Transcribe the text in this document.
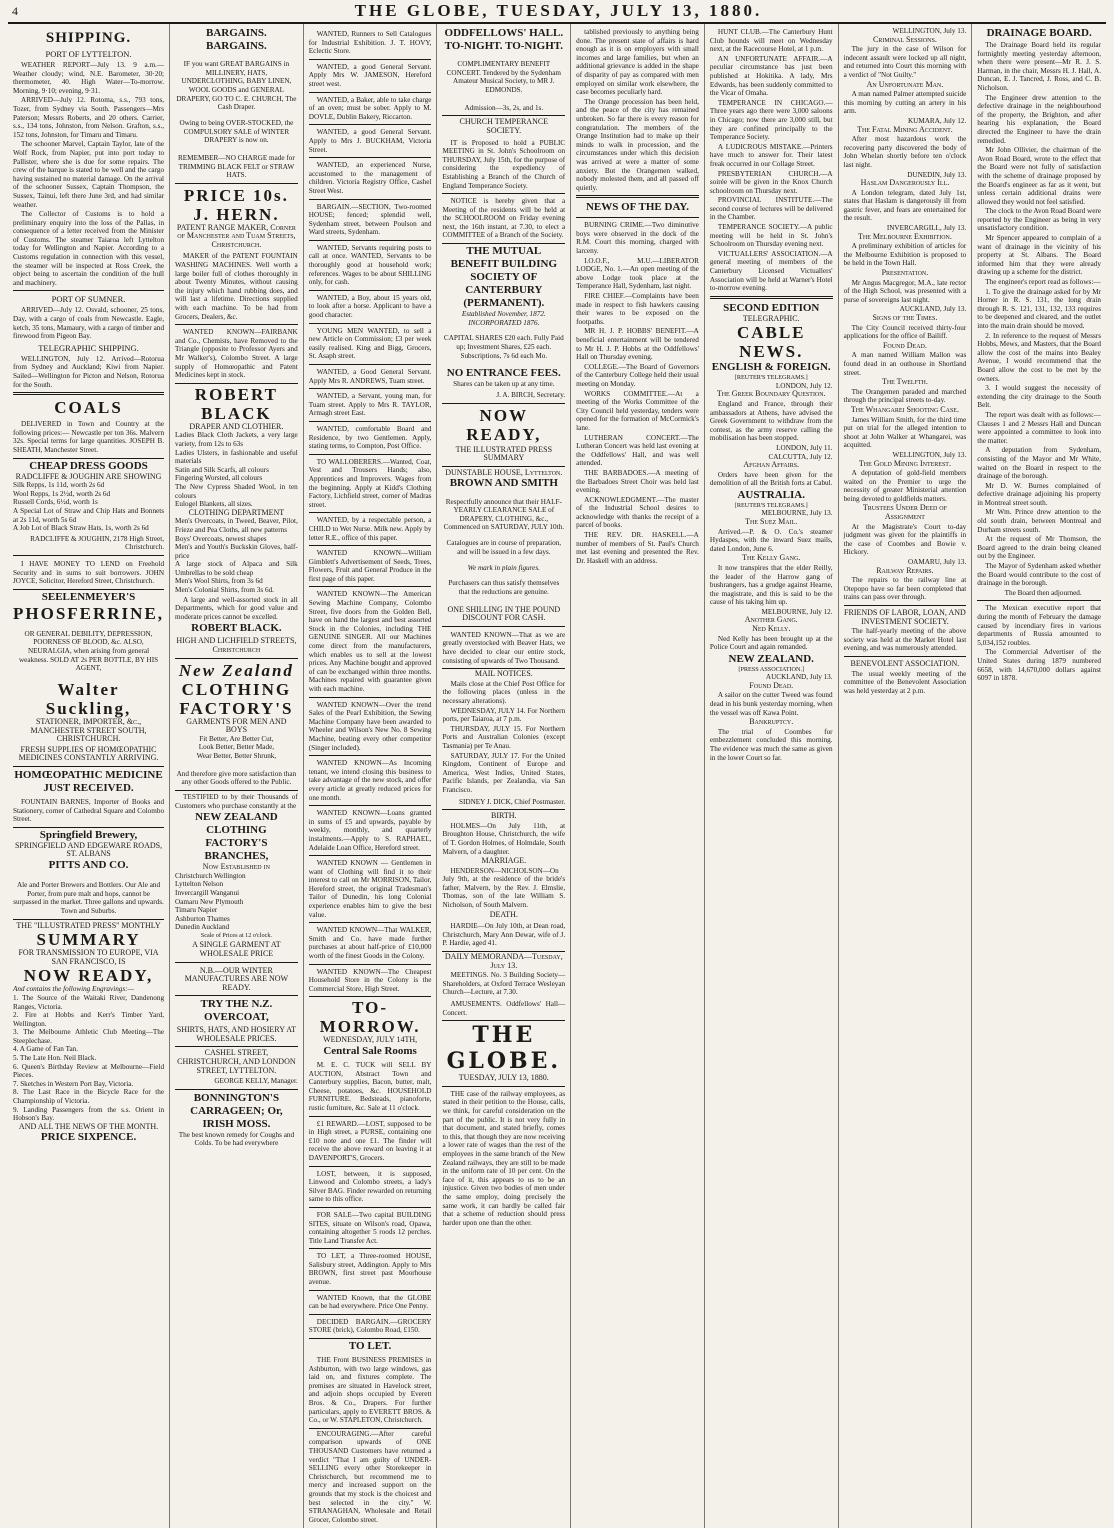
4	THE GLOBE, TUESDAY, JULY 13, 1880.

SHIPPING.
PORT OF LYTTELTON.

WEATHER REPORT—July 13. 9 a.m.—Weather cloudy; wind, N.E. Barometer, 30·20; thermometer, 40. High Water—To-morrow. Morning, 9·10; evening, 9·31.

ARRIVED—July 12. Rotoma, s.s., 793 tons, Tozer, from Sydney via South. Passengers—Mrs Paterson; Messrs Roberts, and 20 others. Carrier, s.s., 134 tons, Johnston, from Nelson. Grafton, s.s., 152 tons, Johnston, for Timaru and Timaru.

The schooner Marvel, Captain Taylor, late of the Wolf Rock, from Napier, put into port today to Pallister, where she is due for some repairs. The crew of the barque is stated to be well and the cargo having sustained no material damage. On the arrival of the schooner Sussex, Captain Thompson, the Sussex, Tainui, left there June 3rd, and had similar weather.

The Collector of Customs is to hold a preliminary enquiry into the loss of the Pallas, in consequence of a letter received from the Minister of Customs. The steamer Taiaroa left Lyttelton today for Wellington and Napier. According to a Customs regulation in connection with this vessel, the steamer will be inspected at Ross Creek, the object being to ascertain the condition of the hull and machinery.

PORT OF SUMNER.

ARRIVED—July 12. Osvald, schooner, 25 tons, Day, with a cargo of coals from Newcastle. Eagle, ketch, 35 tons, Mamaury, with a cargo of timber and firewood from Pigeon Bay.

TELEGRAPHIC SHIPPING.

WELLINGTON, July 12. Arrived—Rotorua from Sydney and Auckland; Kiwi from Napier. Sailed—Wellington for Picton and Nelson, Rotorua for the South.

COALS

DELIVERED in Town and Country at the following prices:— Newcastle per ton 36s. Malvern 32s. Special terms for large quantities. JOSEPH B. SHEATH, Manchester Street.

CHEAP DRESS GOODS
RADCLIFFE & JOUGHIN ARE SHOWING
Silk Repps, 1s 11d, worth 2s 6d
Wool Repps, 1s 2½d, worth 2s 6d
Russell Cords, 6½d, worth 1s
A Special Lot of Straw and Chip Hats and Bonnets at 2s 11d, worth 5s 6d
A Job Lot of Black Straw Hats, 1s, worth 2s 6d
RADCLIFFE & JOUGHIN, 2178 High Street, Christchurch.

I HAVE MONEY TO LEND on Freehold Security and in sums to suit borrowers. JOHN JOYCE, Solicitor, Hereford Street, Christchurch.

SEELENMEYER'S
PHOSFERRINE,

OR GENERAL DEBILITY, DEPRESSION, POORNESS OF BLOOD, &c. ALSO, NEURALGIA, when arising from general weakness. SOLD AT 2s PER BOTTLE, BY HIS AGENT,

Walter Suckling,
STATIONER, IMPORTER, &c., MANCHESTER STREET SOUTH, CHRISTCHURCH.
FRESH SUPPLIES OF HOMŒOPATHIC MEDICINES CONSTANTLY ARRIVING.
HOMŒOPATHIC MEDICINE JUST RECEIVED.

FOUNTAIN BARNES, Importer of Books and Stationery, corner of Cathedral Square and Colombo Street.

Springfield Brewery,
SPRINGFIELD AND EDGEWARE ROADS, ST. ALBANS
PITTS AND CO.

Ale and Porter Brewers and Bottlers. Our Ale and Porter, from pure malt and hops, cannot be surpassed in the market. Three gallons and upwards. Town and Suburbs.

THE "ILLUSTRATED PRESS" MONTHLY
SUMMARY
FOR TRANSMISSION TO EUROPE, VIA SAN FRANCISCO, IS
NOW READY,
And contains the following Engravings:—
1. The Source of the Waitaki River, Dandenong Ranges, Victoria.
2. Fire at Hobbs and Kerr's Timber Yard, Wellington.
3. The Melbourne Athletic Club Meeting—The Steeplechase.
4. A Game of Fan Tan.
5. The Late Hon. Neil Black.
6. Queen's Birthday Review at Melbourne—Field Pieces.
7. Sketches in Western Port Bay, Victoria.
8. The Last Race in the Bicycle Race for the Championship of Victoria.
9. Landing Passengers from the s.s. Orient in Hobson's Bay.
AND ALL THE NEWS OF THE MONTH.
PRICE SIXPENCE.
BARGAINS. BARGAINS.

IF you want GREAT BARGAINS in MILLINERY, HATS, UNDERCLOTHING, BABY LINEN, WOOL GOODS and GENERAL DRAPERY, GO TO C. E. CHURCH, The Cash Draper.

Owing to being OVER-STOCKED, the COMPULSORY SALE of WINTER DRAPERY is now on.

REMEMBER—NO CHARGE made for TRIMMING BLACK FELT or STRAW HATS.

PRICE 10s.
J. HERN.
PATENT RANGE MAKER, Corner of Manchester and Tuam Streets, Christchurch.

MAKER of the PATENT FOUNTAIN WASHING MACHINES. Well worth a large boiler full of clothes thoroughly in about Twenty Minutes, without causing the injury which hand rubbing does, and will last a lifetime. Directions supplied with each machine. To be had from Grocers, Dealers, &c.

WANTED KNOWN—FAIRBANK and Co., Chemists, have Removed to the Triangle (opposite to Professor Ayers and Mr Walker's), Colombo Street. A large supply of Homœopathic and Patent Medicines kept in stock.

ROBERT BLACK
DRAPER AND CLOTHIER.
Ladies Black Cloth Jackets, a very large variety, from 12s to 63s
Ladies Ulsters, in fashionable and useful materials
Satin and Silk Scarfs, all colours
Fingering Worsted, all colours
The New Cypress Shaded Wool, in ten colours
Eulogel Blankets, all sizes.
CLOTHING DEPARTMENT
Men's Overcoats, in Tweed, Beaver, Pilot, Frieze and Pea Cloths, all new patterns
Boys' Overcoats, newest shapes
Men's and Youth's Buckskin Gloves, half-price
A large stock of Alpaca and Silk Umbrellas to be sold cheap
Men's Wool Shirts, from 3s 6d
Men's Colonial Shirts, from 3s 6d.

A large and well-assorted stock in all Departments, which for good value and moderate prices cannot be excelled.

ROBERT BLACK.
HIGH AND LICHFIELD STREETS, Christchurch
New Zealand
CLOTHING FACTORY'S
GARMENTS FOR MEN AND BOYS
Fit Better, Are Better Cut,
Look Better, Better Made,
Wear Better, Better Shrunk,

And therefore give more satisfaction than any other Goods offered to the Public.

TESTIFIED to by their Thousands of Customers who purchase constantly at the

NEW ZEALAND CLOTHING FACTORY'S BRANCHES,
Now Established in
Christchurch Wellington
Lyttelton Nelson
Invercargill Wanganui
Oamaru New Plymouth
Timaru Napier
Ashburton Thames
Dunedin Auckland
Scale of Prices at 12 o'clock.
A SINGLE GARMENT AT WHOLESALE PRICE
N.B.—OUR WINTER MANUFACTURES ARE NOW READY.
TRY THE N.Z. OVERCOAT,
SHIRTS, HATS, AND HOSIERY AT WHOLESALE PRICES.
CASHEL STREET, CHRISTCHURCH, AND LONDON STREET, LYTTELTON.
GEORGE KELLY, Manager.
BONNINGTON'S CARRAGEEN; Or, IRISH MOSS.
The best known remedy for Coughs and Colds. To be had everywhere

WANTED, Runners to Sell Catalogues for Industrial Exhibition. J. T. HOVY, Eclectic Store.

WANTED, a good General Servant. Apply Mrs W. JAMESON, Hereford street west.

WANTED, a Baker, able to take charge of an oven; must be sober. Apply to M. DOVLE, Dublin Bakery, Riccarton.

WANTED, a good General Servant. Apply to Mrs J. BUCKHAM, Victoria Street.

WANTED, an experienced Nurse, accustomed to the management of children. Victoria Registry Office, Cashel Street West.

BARGAIN.—SECTION, Two-roomed HOUSE; fenced; splendid well, Sydenham street, between Poulson and Ward streets, Sydenham.

WANTED, Servants requiring posts to call at once. WANTED, Servants to be thoroughly good at household work; references. Wages to be about SHILLING only, for cash.

WANTED, a Boy, about 15 years old, to look after a horse. Applicant to have a good character.

YOUNG MEN WANTED, to sell a new Article on Commission; £3 per week easily realised. King and Bigg, Grocers, St. Asaph street.

WANTED, a Good General Servant. Apply Mrs R. ANDREWS, Tuam street.

WANTED, a Servant, young man, for Tuam street. Apply to Mrs R. TAYLOR, Armagh street East.

WANTED, comfortable Board and Residence, by two Gentlemen. Apply, stating terms, to Compton, Post Office.

TO WALLOBERERS.—Wanted, Coat, Vest and Trousers Hands; also, Apprentices and Improvers. Wages from the beginning. Apply at Kidd's Clothing Factory, Lichfield street, corner of Madras street.

WANTED, by a respectable person, a CHILD to Wet Nurse. Milk new. Apply by letter R.E., office of this paper.

WANTED KNOWN—William Gimblett's Advertisement of Seeds, Trees, Flowers, Fruit and General Produce in the first page of this paper.

WANTED KNOWN—The American Sewing Machine Company, Colombo Street, five doors from the Golden Bell, have on hand the largest and best assorted Stock in the Colonies, including THE GENUINE SINGER. All our Machines come direct from the manufacturers, which enables us to sell at the lowest prices. Any Machine bought and approved of can be exchanged within three months. Machines repaired with guarantee given with each machine.

WANTED KNOWN—Over the trend Sales of the Pearl Exhibition, the Sewing Machine Company have been awarded to Wheeler and Wilson's New No. 8 Sewing Machine, beating every other competitor (Singer included).

WANTED KNOWN—As Incoming tenant, we intend closing this business to take advantage of the new stock, and offer every article at greatly reduced prices for one month.

WANTED KNOWN—Loans granted in sums of £5 and upwards, payable by weekly, monthly, and quarterly instalments.—Apply to S. RAPHAEL, Adelaide Loan Office, Hereford street.

WANTED KNOWN — Gentlemen in want of Clothing will find it to their interest to call on Mr MORRISON, Tailor, Hereford street, the original Tradesman's Tailor of Dunedin, his long Colonial experience enables him to give the best value.

WANTED KNOWN—That WALKER, Smith and Co. have made further purchases at about half-price of £10,000 worth of the finest Goods in the Colony.

WANTED KNOWN—The Cheapest Household Store in the Colony is the Commercial Store, High Street.

TO-MORROW.
WEDNESDAY, JULY 14TH,
Central Sale Rooms

M. E. C. TUCK will SELL BY AUCTION, Abstract Town and Canterbury supplies, Bacon, butter, malt, Cheese, potatoes, &c. HOUSEHOLD FURNITURE. Bedsteads, pianoforte, rustic furniture, &c. Sale at 11 o'clock.

£1 REWARD.—LOST, supposed to be in High street, a PURSE, containing one £10 note and one £1. The finder will receive the above reward on leaving it at DAVENPORT'S, Grocers.

LOST, between, it is supposed, Linwood and Colombo streets, a lady's Silver BAG. Finder rewarded on returning same to this office.

FOR SALE—Two capital BUILDING SITES, situate on Wilson's road, Opawa, containing altogether 5 roods 12 perches. Title Land Transfer Act.

TO LET, a Three-roomed HOUSE, Salisbury street, Addington. Apply to Mrs BROWN, first street past Moorhouse avenue.

WANTED Known, that the GLOBE can be had everywhere. Price One Penny.

DECIDED BARGAIN.—GROCERY STORE (brick), Colombo Road, £150.

TO LET.

THE Front BUSINESS PREMISES in Ashburton, with two large windows, gas laid on, and fixtures complete. The premises are situated in Havelock street, and adjoin shops occupied by Everett Bros. & Co., Drapers. For further particulars, apply to EVERETT BROS. & Co., or W. STAPLETON, Christchurch.

ENCOURAGING.—After careful comparison upwards of ONE THOUSAND Customers have returned a verdict "That I am guilty of UNDER-SELLING every other Storekeeper in Christchurch, but recommend me to mercy and increased support on the grounds that my stock is the choicest and best selected in the city." W. STRANAGHAN, Wholesale and Retail Grocer, Colombo street.

ODDFELLOWS' HALL.
TO-NIGHT. TO-NIGHT.

COMPLIMENTARY BENEFIT CONCERT. Tendered by the Sydenham Amateur Musical Society, to MR J. EDMONDS.

Admission—3s, 2s, and 1s.
CHURCH TEMPERANCE SOCIETY.

IT is Proposed to hold a PUBLIC MEETING in St. John's Schoolroom on THURSDAY, July 15th, for the purpose of considering the expediency of Establishing a Branch of the Church of England Temperance Society.

NOTICE is hereby given that a Meeting of the residents will be held at the SCHOOLROOM on Friday evening next, the 16th instant, at 7.30, to elect a COMMITTEE of a Branch of the Society.

THE MUTUAL BENEFIT BUILDING SOCIETY OF CANTERBURY (PERMANENT).
Established November, 1872. INCORPORATED 1876.

CAPITAL SHARES £20 each. Fully Paid up; Investment Shares, £25 each. Subscriptions, 7s 6d each Mo.

NO ENTRANCE FEES.
Shares can be taken up at any time.
J. A. BIRCH, Secretary.
NOW READY,
THE ILLUSTRATED PRESS SUMMARY
DUNSTABLE HOUSE, Lyttelton.
BROWN AND SMITH

Respectfully announce that their HALF-YEARLY CLEARANCE SALE of DRAPERY, CLOTHING, &c., Commenced on SATURDAY, JULY 10th.

Catalogues are in course of preparation, and will be issued in a few days.

We mark in plain figures.

Purchasers can thus satisfy themselves that the reductions are genuine.

ONE SHILLING IN THE POUND DISCOUNT FOR CASH.

WANTED KNOWN—That as we are greatly overstocked with Beaver Hats, we have decided to clear our entire stock, consisting of upwards of Two Thousand.

MAIL NOTICES.

Mails close at the Chief Post Office for the following places (unless in the necessary alterations).

WEDNESDAY, JULY 14. For Northern ports, per Taiaroa, at 7 p.m.

THURSDAY, JULY 15. For Northern Ports and Australian Colonies (except Tasmania) per Te Anau.

SATURDAY, JULY 17. For the United Kingdom, Continent of Europe and America, West Indies, United States, Pacific Islands, per Zealandia, via San Francisco.

SIDNEY J. DICK, Chief Postmaster.
BIRTH.

HOLMES—On July 11th, at Broughton House, Christchurch, the wife of T. Gordon Holmes, of Holmdale, South Malvern, of a daughter.

MARRIAGE.

HENDERSON—NICHOLSON—On July 9th, at the residence of the bride's father, Malvern, by the Rev. J. Elmslie, Thomas, son of the late William S. Nicholson, of South Malvern.

DEATH.

HARDIE—On July 10th, at Dean road, Christchurch, Mary Ann Dewar, wife of J. P. Hardie, aged 41.

DAILY MEMORANDA—Tuesday, July 13.

MEETINGS. No. 3 Building Society—Shareholders, at Oxford Terrace Wesleyan Church—Lecture, at 7.30.

AMUSEMENTS. Oddfellows' Hall—Concert.

THE GLOBE.
TUESDAY, JULY 13, 1880.

THE case of the railway employees, as stated in their petition to the House, calls, we think, for careful consideration on the part of the public. It is not very fully in that document, and stated briefly, comes to this, that though they are now receiving a lower rate of wages than the rest of the employees in the same branch of the New Zealand railways, they are still to be made in the uniform rate of 10 per cent. On the face of it, this appears to us to be an injustice. Given two bodies of men under the same employ, doing precisely the same work, it can hardly be called fair that a scheme of reduction should press harder upon one than the other.

tablished previously to anything being done. The present state of affairs is hard enough as it is on employers with small incomes and large families, but when an additional grievance is added in the shape of disparity of pay as compared with men employed on similar work elsewhere, the case becomes peculiarly hard.

The Orange procession has been held, and the peace of the city has remained unbroken. So far there is every reason for congratulation. The members of the Orange Institution had to make up their minds to walk in procession, and the circumstances under which this decision was arrived at were a matter of some anxiety. But the Orangemen walked, nobody molested them, and all passed off quietly.

NEWS OF THE DAY.

BURNING CRIME.—Two diminutive boys were observed in the dock of the R.M. Court this morning, charged with larceny.

I.O.O.F., M.U.—LIBERATOR LODGE, No. 1.—An open meeting of the above Lodge took place at the Temperance Hall, Sydenham, last night.

FIRE CHIEF.—Complaints have been made in respect to fish hawkers causing their wares to be exposed on the footpaths.

MR H. J. P. HOBBS' BENEFIT.—A beneficial entertainment will be tendered to Mr H. J. P. Hobbs at the Oddfellows' Hall on Thursday evening.

COLLEGE.—The Board of Governors of the Canterbury College held their usual meeting on Monday.

WORKS COMMITTEE.—At a meeting of the Works Committee of the City Council held yesterday, tenders were opened for the formation of McCormick's lane.

LUTHERAN CONCERT.—The Lutheran Concert was held last evening at the Oddfellows' Hall, and was well attended.

THE BARBADOES.—A meeting of the Barbadoes Street Choir was held last evening.

ACKNOWLEDGMENT.—The master of the Industrial School desires to acknowledge with thanks the receipt of a parcel of books.

THE REV. DR. HASKELL.—A number of members of St. Paul's Church met last evening and presented the Rev. Dr. Haskell with an address.

HUNT CLUB.—The Canterbury Hunt Club hounds will meet on Wednesday next, at the Racecourse Hotel, at 1 p.m.

AN UNFORTUNATE AFFAIR.—A peculiar circumstance has just been published at Hokitika. A lady, Mrs Edwards, has been suddenly committed to the Vicar of Omaha.

TEMPERANCE IN CHICAGO.—Three years ago there were 3,000 saloons in Chicago; now there are 3,000 still, but they are confined principally to the Temperance Society.

A LUDICROUS MISTAKE.—Printers have much to answer for. Their latest freak occurred in our Collage Street.

PRESBYTERIAN CHURCH.—A soirée will be given in the Knox Church schoolroom on Thursday next.

PROVINCIAL INSTITUTE.—The second course of lectures will be delivered in the Chamber.

TEMPERANCE SOCIETY.—A public meeting will be held in St. John's Schoolroom on Thursday evening next.

VICTUALLERS' ASSOCIATION.—A general meeting of members of the Canterbury Licensed Victuallers' Association will be held at Warner's Hotel to-morrow evening.

SECOND EDITION
TELEGRAPHIC.
CABLE NEWS.
ENGLISH & FOREIGN.
[REUTER'S TELEGRAMS.]
LONDON, July 12.
The Greek Boundary Question.

England and France, through their ambassadors at Athens, have advised the Greek Government to withdraw from the contest, as the army reserve calling the mobilisation has been stopped.

LONDON, July 11.
CALCUTTA, July 12.
Afghan Affairs.

Orders have been given for the demolition of all the British forts at Cabul.

AUSTRALIA.
[REUTER'S TELEGRAMS.]
MELBOURNE, July 13.
The Suez Mail.

Arrived.—P. & O. Co.'s steamer Hydaspes, with the inward Suez mails, dated London, June 6.

The Kelly Gang.

It now transpires that the elder Reilly, the leader of the Harrow gang of bushrangers, has a grudge against Hearne, the magistrate, and this is said to be the cause of his taking him up.

MELBOURNE, July 12.
Another Gang.
Ned Kelly.

Ned Kelly has been brought up at the Police Court and again remanded.

NEW ZEALAND.
[PRESS ASSOCIATION.]
AUCKLAND, July 13.
Found Dead.

A sailor on the cutter Tweed was found dead in his bunk yesterday morning, when the vessel was off Kawa Point.

Bankruptcy.

The trial of Coombes for embezzlement concluded this morning. The evidence was much the same as given in the lower Court so far.

WELLINGTON, July 13.
Criminal Sessions.

The jury in the case of Wilson for indecent assault were locked up all night, and returned into Court this morning with a verdict of "Not Guilty."

An Unfortunate Man.

A man named Palmer attempted suicide this morning by cutting an artery in his arm.

KUMARA, July 12.
The Fatal Mining Accident.

After most hazardous work the recovering party discovered the body of John Whelan shortly before ten o'clock last night.

DUNEDIN, July 13.
Haslam Dangerously Ill.

A London telegram, dated July 1st, states that Haslam is dangerously ill from gastric fever, and fears are entertained for the result.

INVERCARGILL, July 13.
The Melbourne Exhibition.

A preliminary exhibition of articles for the Melbourne Exhibition is proposed to be held in the Town Hall.

Presentation.

Mr Angus Macgregor, M.A., late rector of the High School, was presented with a purse of sovereigns last night.

AUCKLAND, July 13.
Signs of the Times.

The City Council received thirty-four applications for the office of Bailiff.

Found Dead.

A man named William Mallon was found dead in an outhouse in Shortland street.

The Twelfth.

The Orangemen paraded and marched through the principal streets to-day.

The Whangarei Shooting Case.

James William Smith, for the third time put on trial for the alleged intention to shoot at John Walker at Whangarei, was acquitted.

WELLINGTON, July 13.
The Gold Mining Interest.

A deputation of gold-field members waited on the Premier to urge the necessity of greater Ministerial attention being devoted to goldfields matters.

Trustees Under Deed of Assignment

At the Magistrate's Court to-day judgment was given for the plaintiffs in the case of Coombes and Bowie v. Hickory.

OAMARU, July 13.
Railway Repairs.

The repairs to the railway line at Otepopo have so far been completed that trains can pass over through.

FRIENDS OF LABOR, LOAN, AND INVESTMENT SOCIETY.

The half-yearly meeting of the above society was held at the Market Hotel last evening, and was numerously attended.

BENEVOLENT ASSOCIATION.

The usual weekly meeting of the committee of the Benevolent Association was held yesterday at 2 p.m.

DRAINAGE BOARD.

The Drainage Board held its regular fortnightly meeting yesterday afternoon, when there were present—Mr R. J. S. Harman, in the chair, Messrs H. J. Hall, A. Duncan, E. J. Tancred, J. Ross, and C. B. Nicholson.

The Engineer drew attention to the defective drainage in the neighbourhood of the property, the Brighton, and after hearing his explanation, the Board directed the Engineer to have the drain remedied.

Mr John Ollivier, the chairman of the Avon Road Board, wrote to the effect that the Board were not fully of satisfaction with the scheme of drainage proposed by the Board's engineer as far as it went, but unless certain additional drains were allowed they would not feel satisfied.

The clock to the Avon Road Board were reported by the Engineer as being in very unsatisfactory condition.

Mr Spencer appeared to complain of a want of drainage in the vicinity of his property at St. Albans. The Board informed him that they were already drawing up a scheme for the district.

The engineer's report read as follows:—

1. To give the drainage asked for by Mr Horner in R. S. 131, the long drain through R. S. 121, 131, 132, 133 requires to be deepened and cleared, and the outlet into the main drain should be moved.

2. In reference to the request of Messrs Hobbs, Mews, and Masters, that the Board allow the cost of the mains into Bealey Avenue, I would recommend that the Board allow the cost to be met by the owners.

3. I would suggest the necessity of extending the city drainage to the South Belt.

The report was dealt with as follows:— Clauses 1 and 2 Messrs Hall and Duncan were appointed a committee to look into the matter.

A deputation from Sydenham, consisting of the Mayor and Mr White, waited on the Board in respect to the drainage of the borough.

Mr D. W. Burnes complained of defective drainage adjoining his property in Montreal street south.

Mr Wm. Prince drew attention to the old south drain, between Montreal and Durham streets south.

At the request of Mr Thomson, the Board agreed to the drain being cleaned out by the Engineer.

The Mayor of Sydenham asked whether the Board would contribute to the cost of drainage in the borough.

The Board then adjourned.

The Mexican executive report that during the month of February the damage caused by incendiary fires in various departments of Russia amounted to 5,034,152 roubles.

The Commercial Advertiser of the United States during 1879 numbered 6658, with 14,670,000 dollars against 6097 in 1878.
